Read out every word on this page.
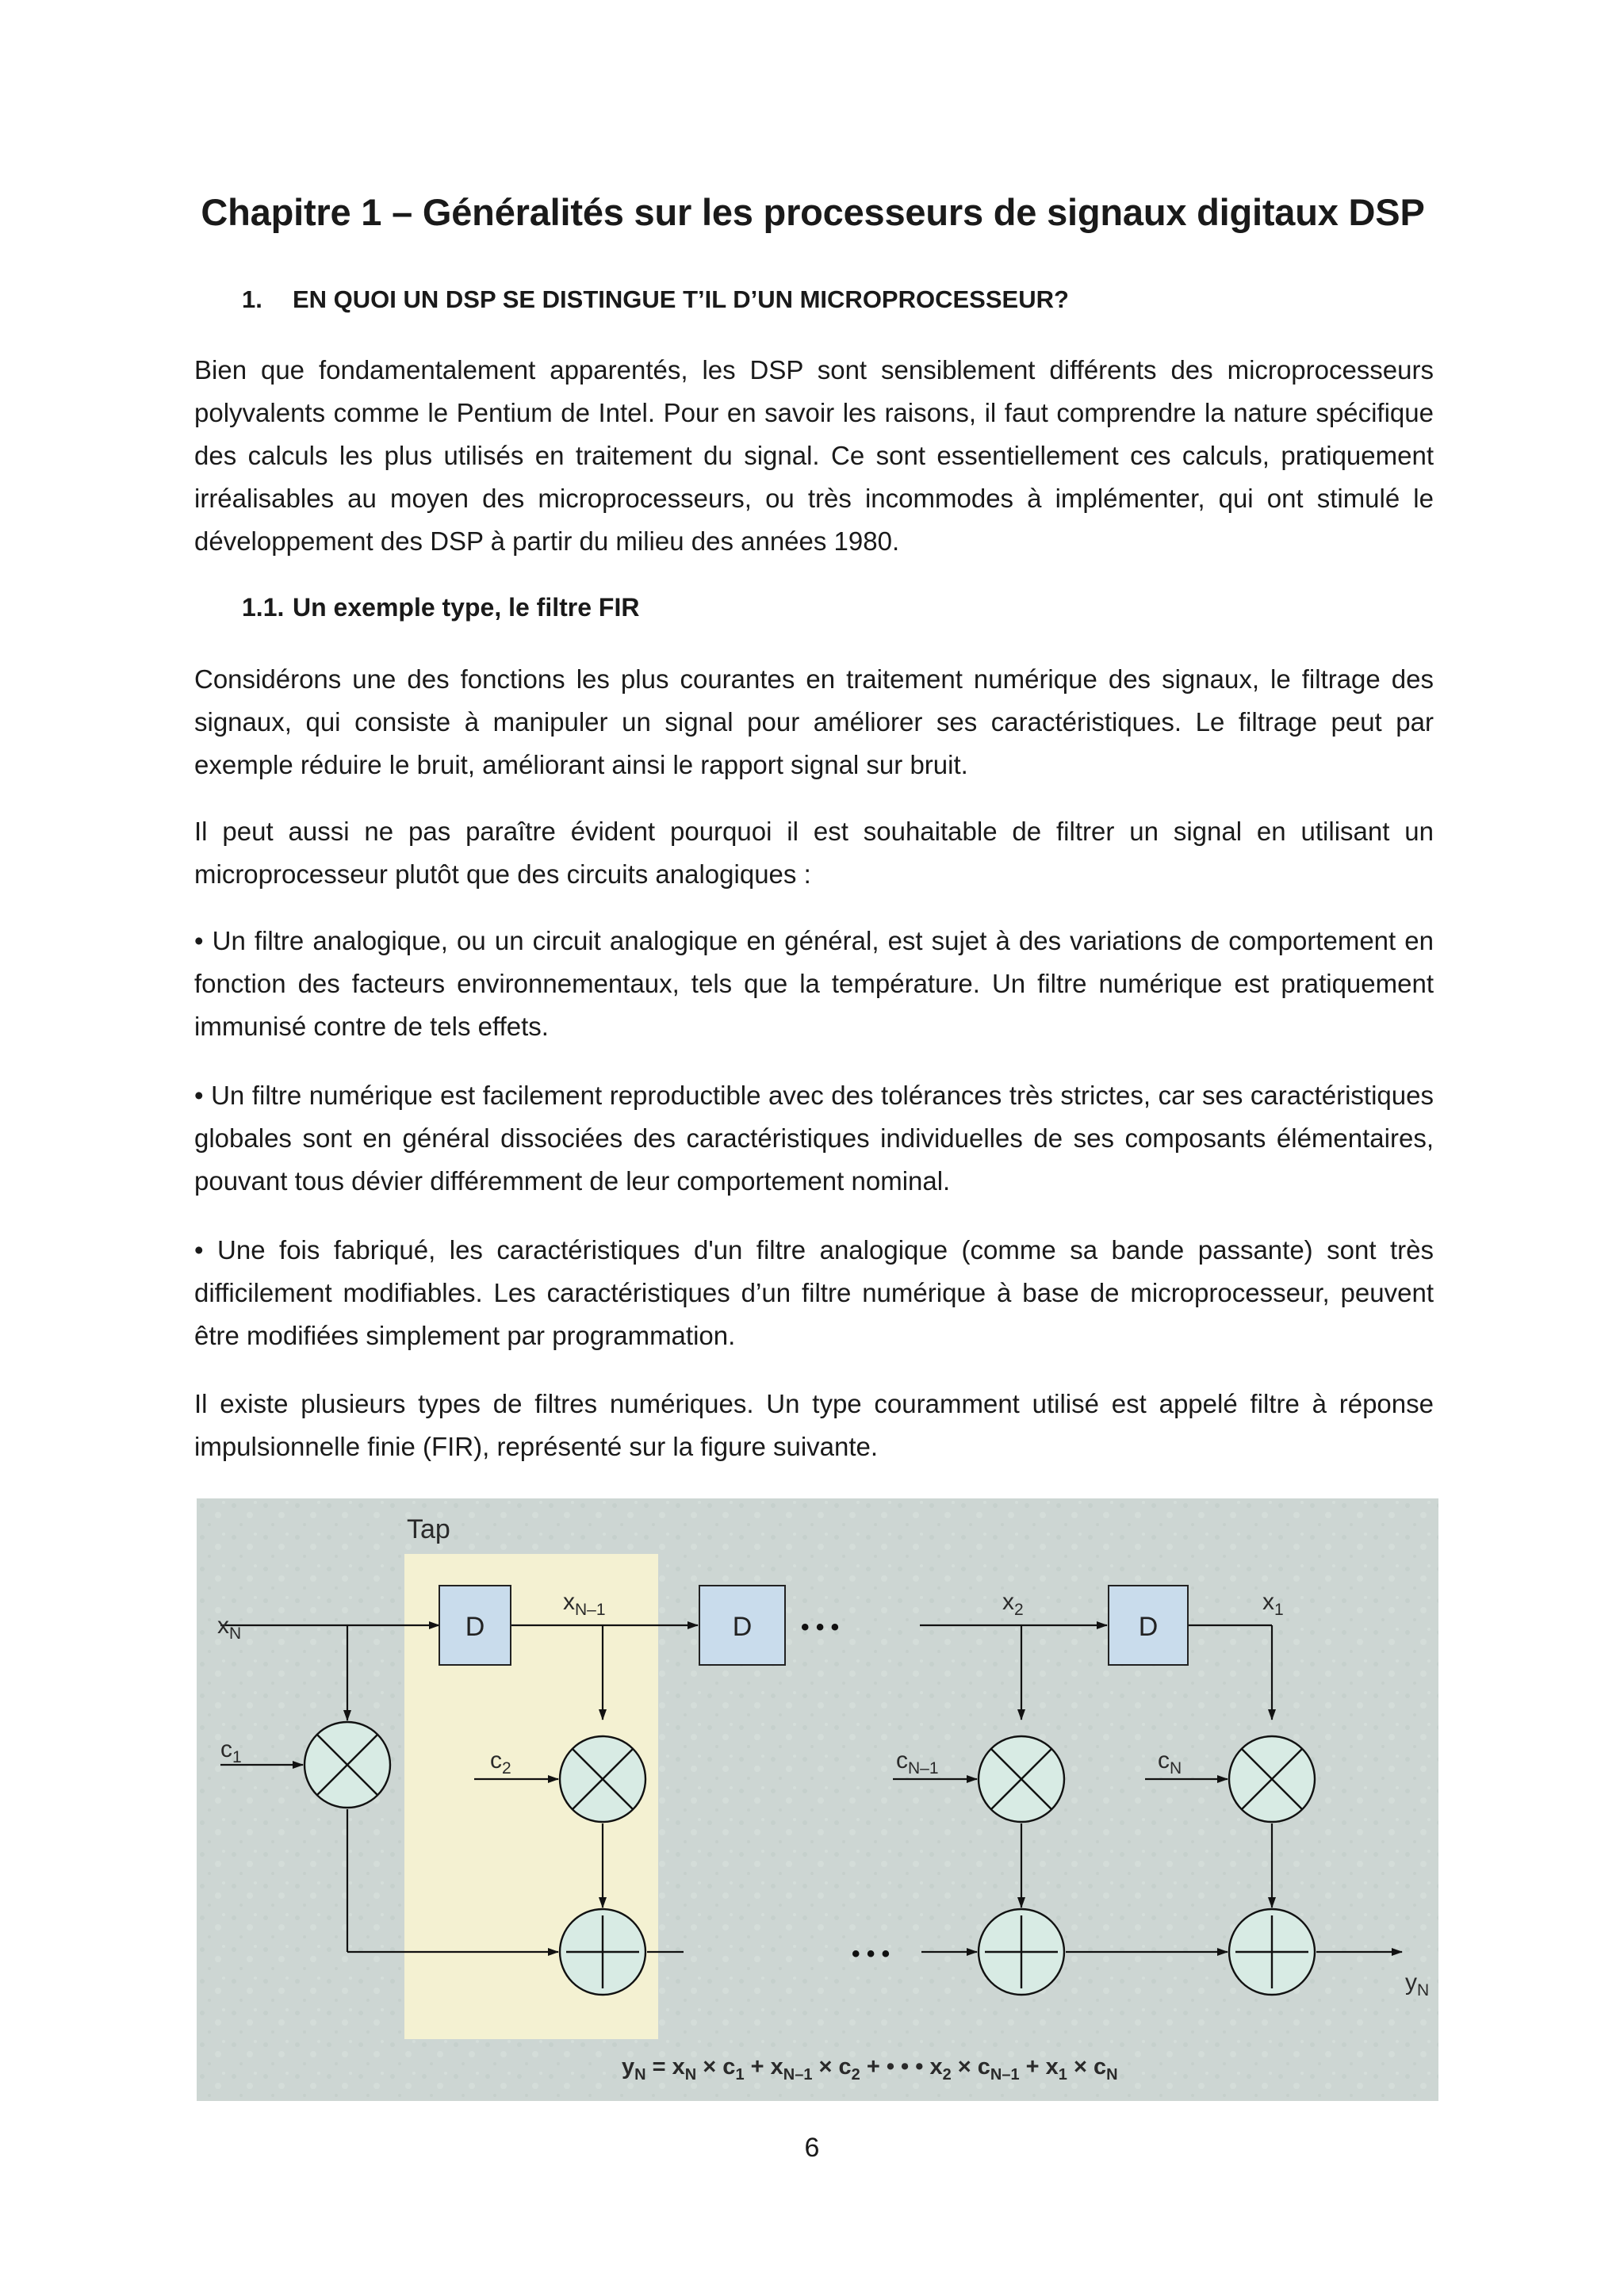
Chapitre 1 – Généralités sur les processeurs de signaux digitaux DSP
1. EN QUOI UN DSP SE DISTINGUE T’IL D’UN MICROPROCESSEUR?

Bien que fondamentalement apparentés, les DSP sont sensiblement différents des microprocesseurs polyvalents comme le Pentium de Intel. Pour en savoir les raisons, il faut comprendre la nature spécifique des calculs les plus utilisés en traitement du signal. Ce sont essentiellement ces calculs, pratiquement irréalisables au moyen des microprocesseurs, ou très incommodes à implémenter, qui ont stimulé le développement des DSP à partir du milieu des années 1980.

1.1. Un exemple type, le filtre FIR

Considérons une des fonctions les plus courantes en traitement numérique des signaux, le filtrage des signaux, qui consiste à manipuler un signal pour améliorer ses caractéristiques. Le filtrage peut par exemple réduire le bruit, améliorant ainsi le rapport signal sur bruit.

Il peut aussi ne pas paraître évident pourquoi il est souhaitable de filtrer un signal en utilisant un microprocesseur plutôt que des circuits analogiques :

• Un filtre analogique, ou un circuit analogique en général, est sujet à des variations de comportement en fonction des facteurs environnementaux, tels que la température. Un filtre numérique est pratiquement immunisé contre de tels effets.

• Un filtre numérique est facilement reproductible avec des tolérances très strictes, car ses caractéristiques globales sont en général dissociées des caractéristiques individuelles de ses composants élémentaires, pouvant tous dévier différemment de leur comportement nominal.

• Une fois fabriqué, les caractéristiques d'un filtre analogique (comme sa bande passante) sont très difficilement modifiables. Les caractéristiques d’un filtre numérique à base de microprocesseur, peuvent être modifiées simplement par programmation.

Il existe plusieurs types de filtres numériques. Un type couramment utilisé est appelé filtre à réponse impulsionnelle finie (FIR), représenté sur la figure suivante.

Tap
D	D	D
• • •
• • •
$x_N$
$x_{N-1}$	$x_2$	$x_1$
$c_1$	$c_2$	$c_{N-1}$	$c_N$
$y_N$
$y_N = x_N \times c_1 + x_{N-1} \times c_2$ + • • • $x_2 \times c_{N-1} + x_1 \times c_N$

6
